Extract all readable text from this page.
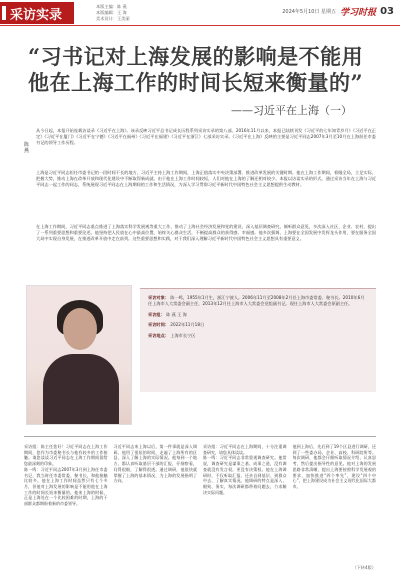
采访实录
本版主编：陈 燕
本版编辑：王 海
美术设计：王美丽
2024年5月10日 星期五 学习时报 03
“习书记对上海发展的影响是不能用
他在上海工作的时间长短来衡量的”
——习近平在上海（一）
陈燕
从今日起，本报开始连载访谈录《习近平在上海》。该录反映习近平总书记成长历程系列采访实录的第八部。2016年11月以来，本报已陆续刊发《习近平的七年知青岁月》《习近平在正定》《习近平在厦门》《习近平在宁德》《习近平在福州》《习近平在福建》《习近平在浙江》七部采访实录。《习近平在上海》反映的主要是习近平同志2007年3月至10月在上海担任市委书记的领导工作历程。
上海是习近平同志担任市委书记的一段时间不长的地方，习近平主持上海工作期间，上海正值落实中央决策部署、推进改革发展的关键时期。他在上海工作期间，着眼全局，立足实际，把握大势，推动上海在改革开放和现代化建设中不断取得新成就。由于他在上海工作时间较短，人们对他在上海的了解还相对较少。本报以访谈实录的形式，通过采访当年在上海与习近平同志一起工作的同志，系统展现习近平同志在上海期间的工作和生活情况，为深入学习贯彻习近平新时代中国特色社会主义思想提供生动教材。
在上海工作期间，习近平同志重点推进了上海落实科学发展观等重大工作，推动了上海社会经济发展和党的建设，深入基层调查研究，倾听群众意见，多次深入社区、企业、农村，提出了一系列重要思想和重要论述。他坚持把人民放在心中最高位置，始终关心群众生活，不断提高群众的获得感、幸福感。他多次强调，上海要在全国发展中发挥龙头作用，要在服务全国大局中实现自身发展，在推进改革开放中走在前列。这些重要思想和实践，对于我们深入理解习近平新时代中国特色社会主义思想具有重要意义。
采访对象： 陈一鸣，1955年1月生，浙江宁波人。2006年11月至2008年2月任上海市委常委、秘书长。2010年6月任上海市人大常委会副主任，2013年12月任上海市人大常委会党组副书记。现任上海市人大常委会原副主任。
采访组： 陈 燕 王 海
采访时间： 2022年11月18日
采访地点： 上海市长宁区

采访组：陈主任您好！习近平同志在上海工作期间，您作为市委秘书长与他有较多的工作接触。请您谈谈习近平同志在上海工作期间留给您最深刻的印象。

陈一鸣：习近平同志2007年3月到上海任市委书记，我当时任市委常委、秘书长，和他接触比较多。他在上海工作时间虽然只有七个多月，但他对上海发展的影响是不能用他在上海工作的时间长短来衡量的。他来上海的时候，正是上海处在一个比较困难的时期，上海的干部群众都期盼着新的市委领导。

习近平同志来上海以后，第一件事就是深入调研。他用了很短的时间，走遍了上海所有的区县，深入了解上海的实际情况。他每到一个地方，都认真听取基层干部的汇报，仔细察看，问得很细，了解得很透。通过调研，他很快就掌握了上海的基本情况，为上海的发展指明了方向。

采访组：习近平同志在上海期间，十分注重调查研究，请您具体谈谈。

陈一鸣：习近平同志非常重视调查研究。他常说，调查研究是谋事之基、成事之道，没有调查就没有发言权，更没有决策权。他在上海调研时，不仅听取汇报，还亲自到基层、到群众中去，了解真实情况。他调研的特点是深入、细致、务实，每次调研都带着问题去，力求解决实际问题。

他到上海后，先后到了19个区县进行调研，还到了一些委办局、企业、高校、科研院所等。每次调研，他都会仔细听取情况介绍，认真思考，然后提出指导性的意见。他对上海的发展思路非常清晰，提出上海要按照科学发展观的要求，加快推进“四个率先”，建设“四个中心”，把上海建设成为社会主义现代化国际大都市。

（下转4版）
